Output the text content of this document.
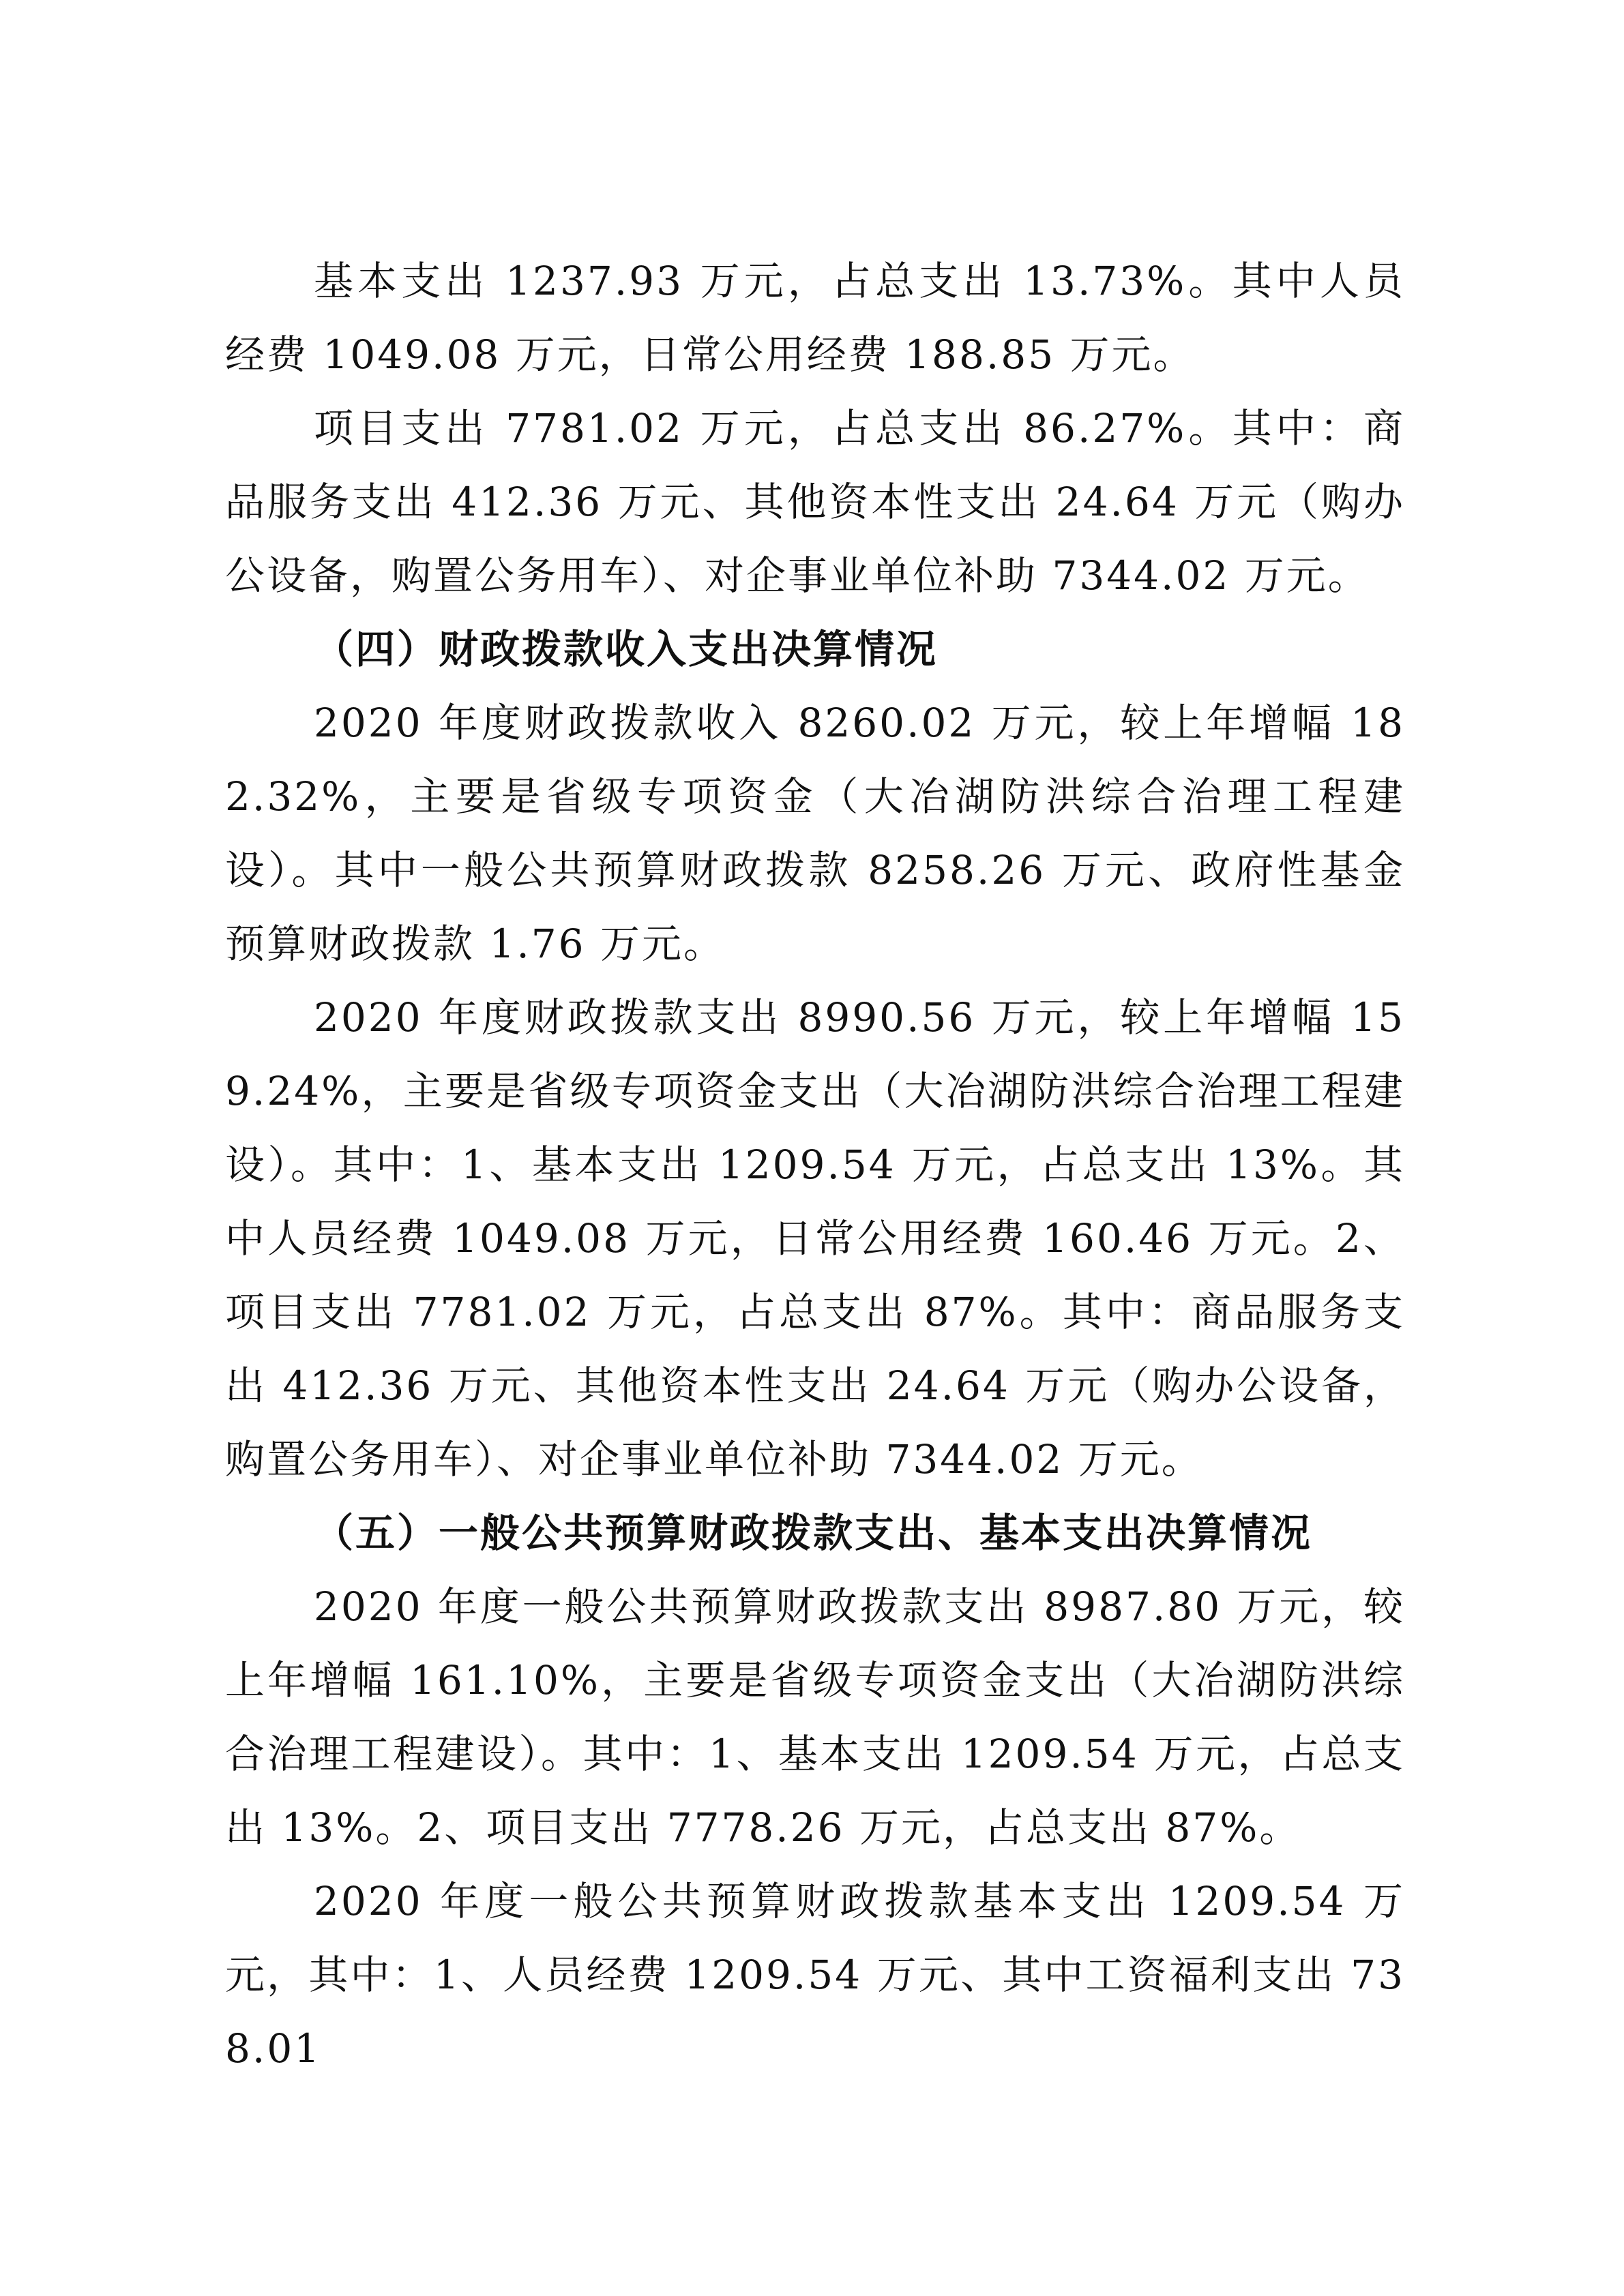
基本支出 1237.93 万元，占总支出 13.73%。其中人员经费 1049.08 万元，日常公用经费 188.85 万元。

项目支出 7781.02 万元，占总支出 86.27%。其中：商品服务支出 412.36 万元、其他资本性支出 24.64 万元（购办公设备，购置公务用车）、对企事业单位补助 7344.02 万元。

（四）财政拨款收入支出决算情况

2020 年度财政拨款收入 8260.02 万元，较上年增幅 182.32%，主要是省级专项资金（大冶湖防洪综合治理工程建设）。其中一般公共预算财政拨款 8258.26 万元、政府性基金预算财政拨款 1.76 万元。

2020 年度财政拨款支出 8990.56 万元，较上年增幅 159.24%，主要是省级专项资金支出（大冶湖防洪综合治理工程建设）。其中：1、基本支出 1209.54 万元，占总支出 13%。其中人员经费 1049.08 万元，日常公用经费 160.46 万元。2、项目支出 7781.02 万元，占总支出 87%。其中：商品服务支出 412.36 万元、其他资本性支出 24.64 万元（购办公设备，购置公务用车）、对企事业单位补助 7344.02 万元。

（五）一般公共预算财政拨款支出、基本支出决算情况

2020 年度一般公共预算财政拨款支出 8987.80 万元，较上年增幅 161.10%，主要是省级专项资金支出（大冶湖防洪综合治理工程建设）。其中：1、基本支出 1209.54 万元，占总支出 13%。2、项目支出 7778.26 万元，占总支出 87%。

2020 年度一般公共预算财政拨款基本支出 1209.54 万元，其中：1、人员经费 1209.54 万元、其中工资福利支出 738.01
